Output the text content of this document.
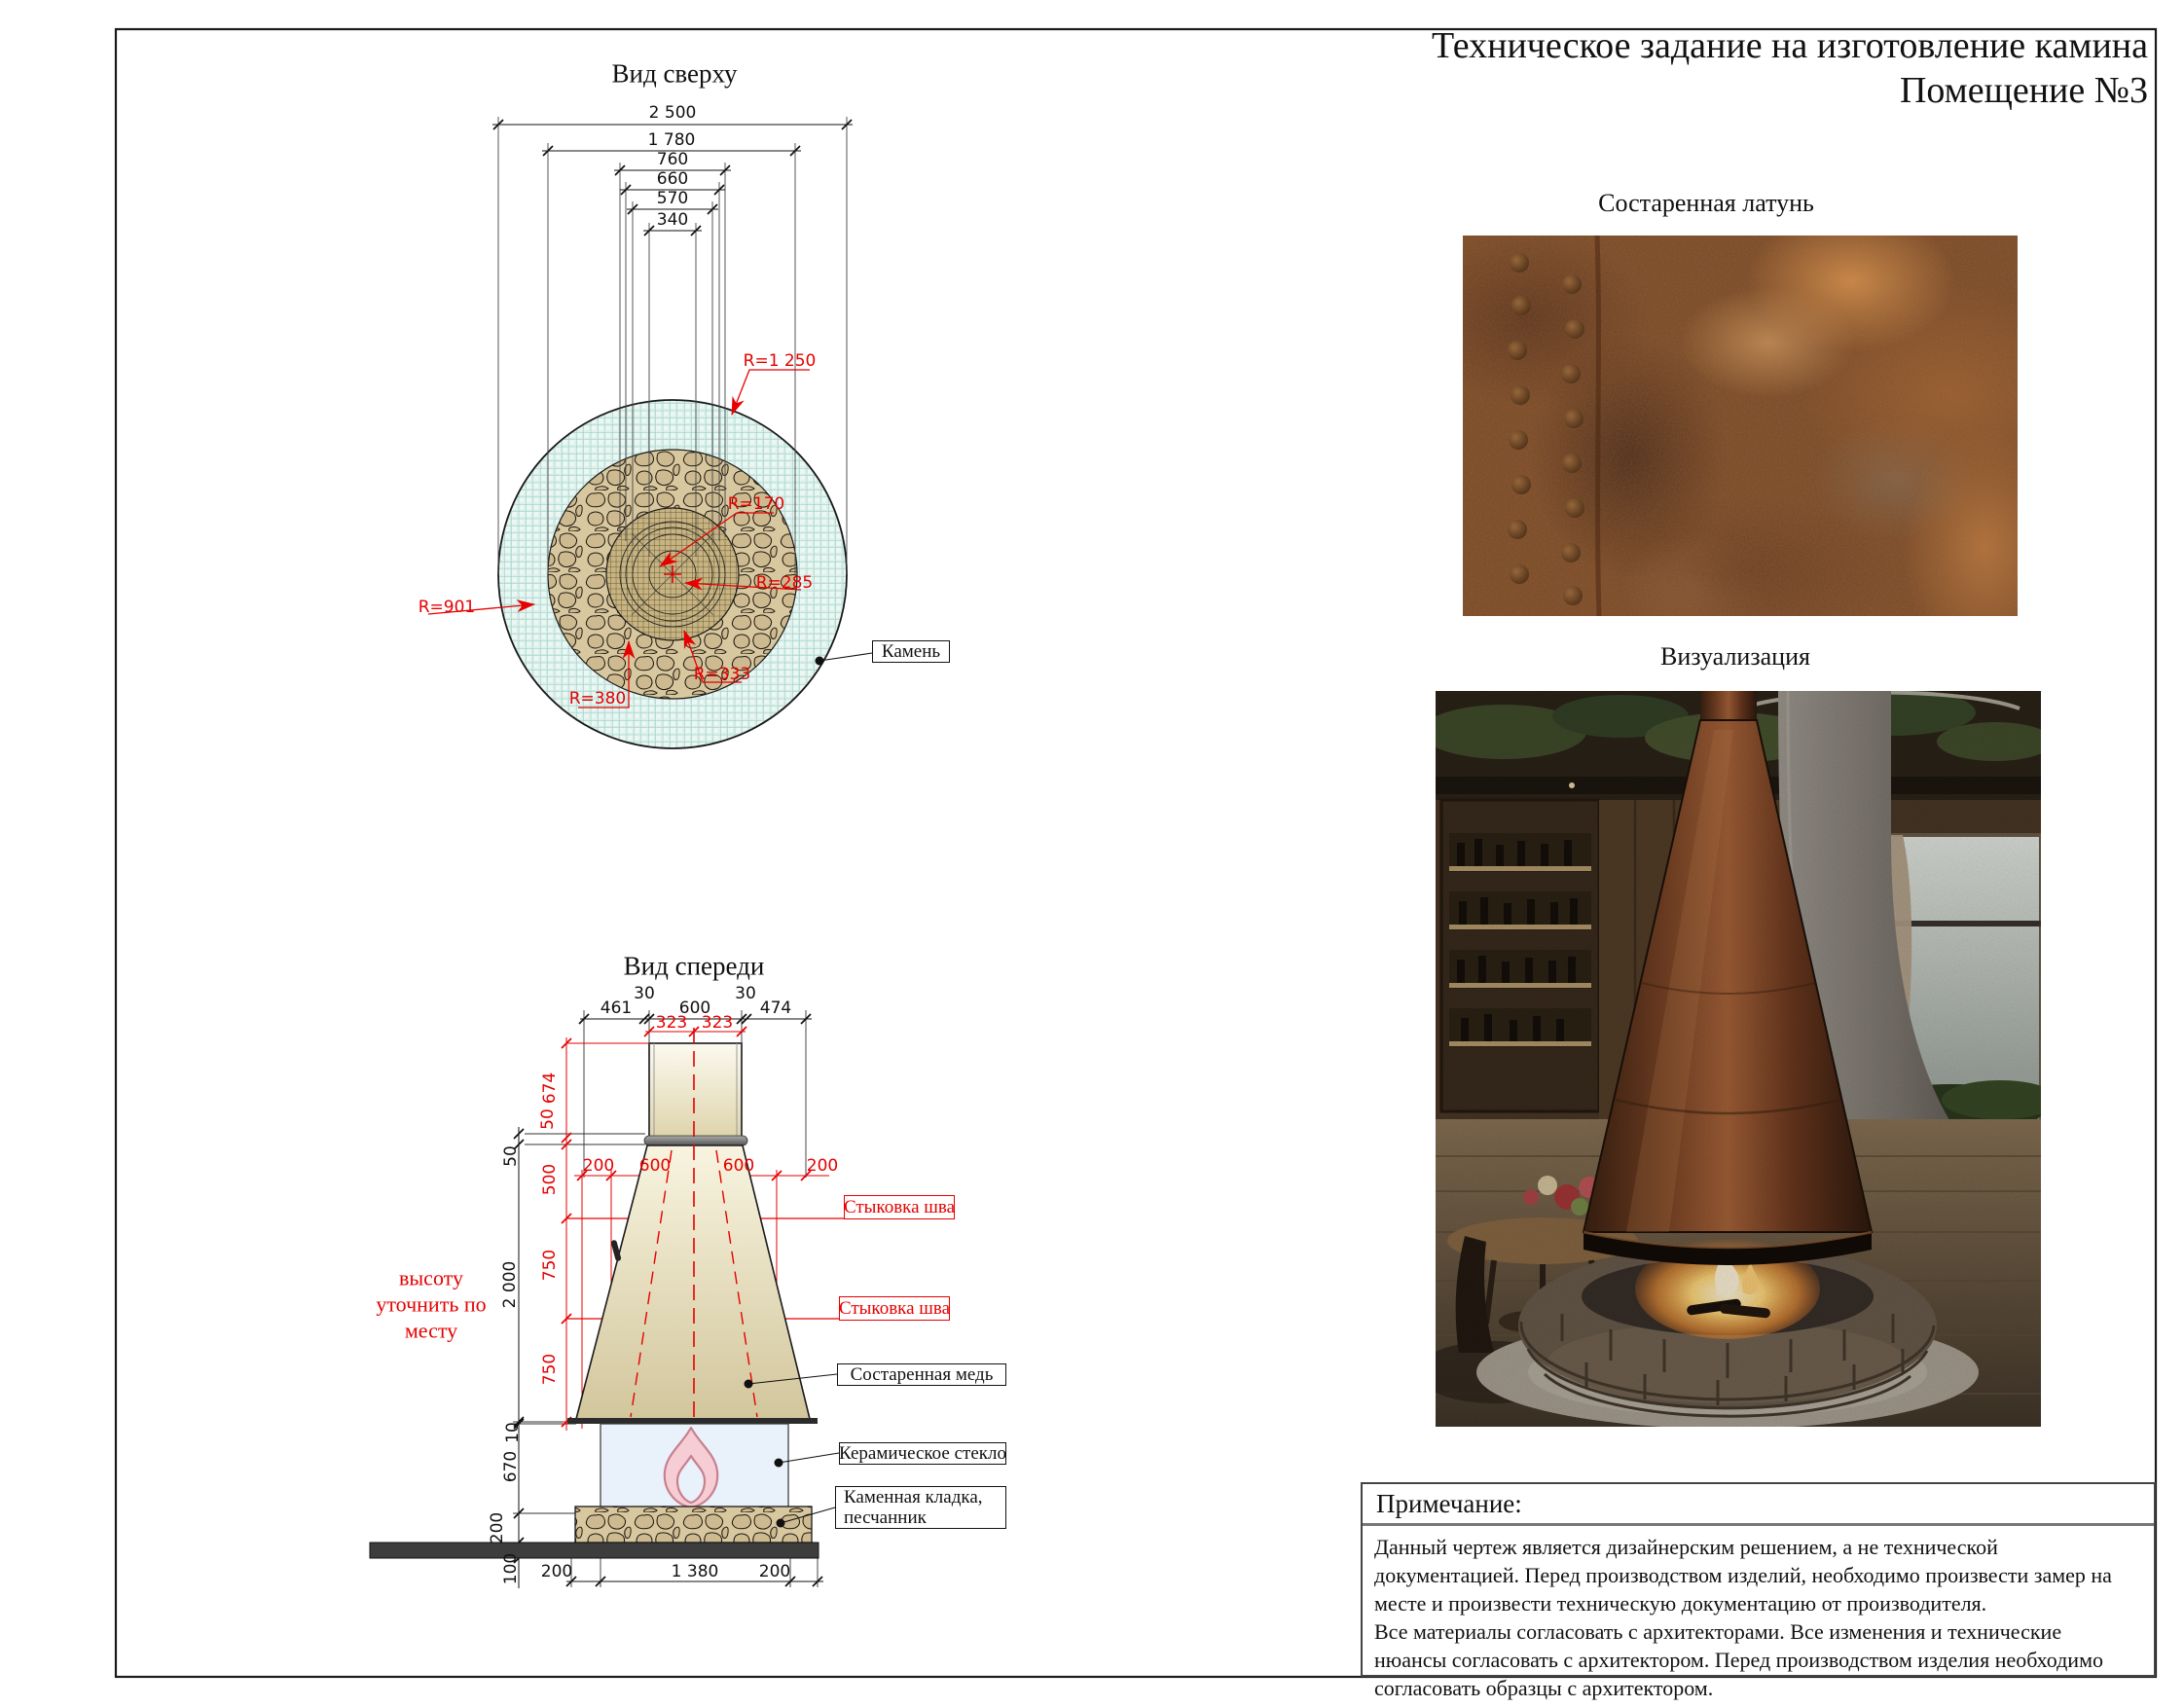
Техническое задание на изготовление камина
Помещение №3
Вид сверху
2 500
1 780
760
660
570
340
R=1 250
R=170
R=285
R=901
R=333
R=380
Камень
Вид спереди
30	30
461	600	474
323 323
200 600	600	200
674
50
500
750
750
50
2 000
10
670
200
100 200	1 380 200
высоту уточнить по месту
Стыковка шва
Стыковка шва
Состаренная медь
Керамическое стекло
Каменная кладка,
песчанник
Состаренная латунь
Визуализация
Примечание:

Данный чертеж является дизайнерским решением, а не технической документацией. Перед производством изделий, необходимо произвести замер на месте и произвести техническую документацию от производителя.

Все материалы согласовать с архитекторами. Все изменения и технические нюансы согласовать с архитектором. Перед производством изделия необходимо согласовать образцы с архитектором.
